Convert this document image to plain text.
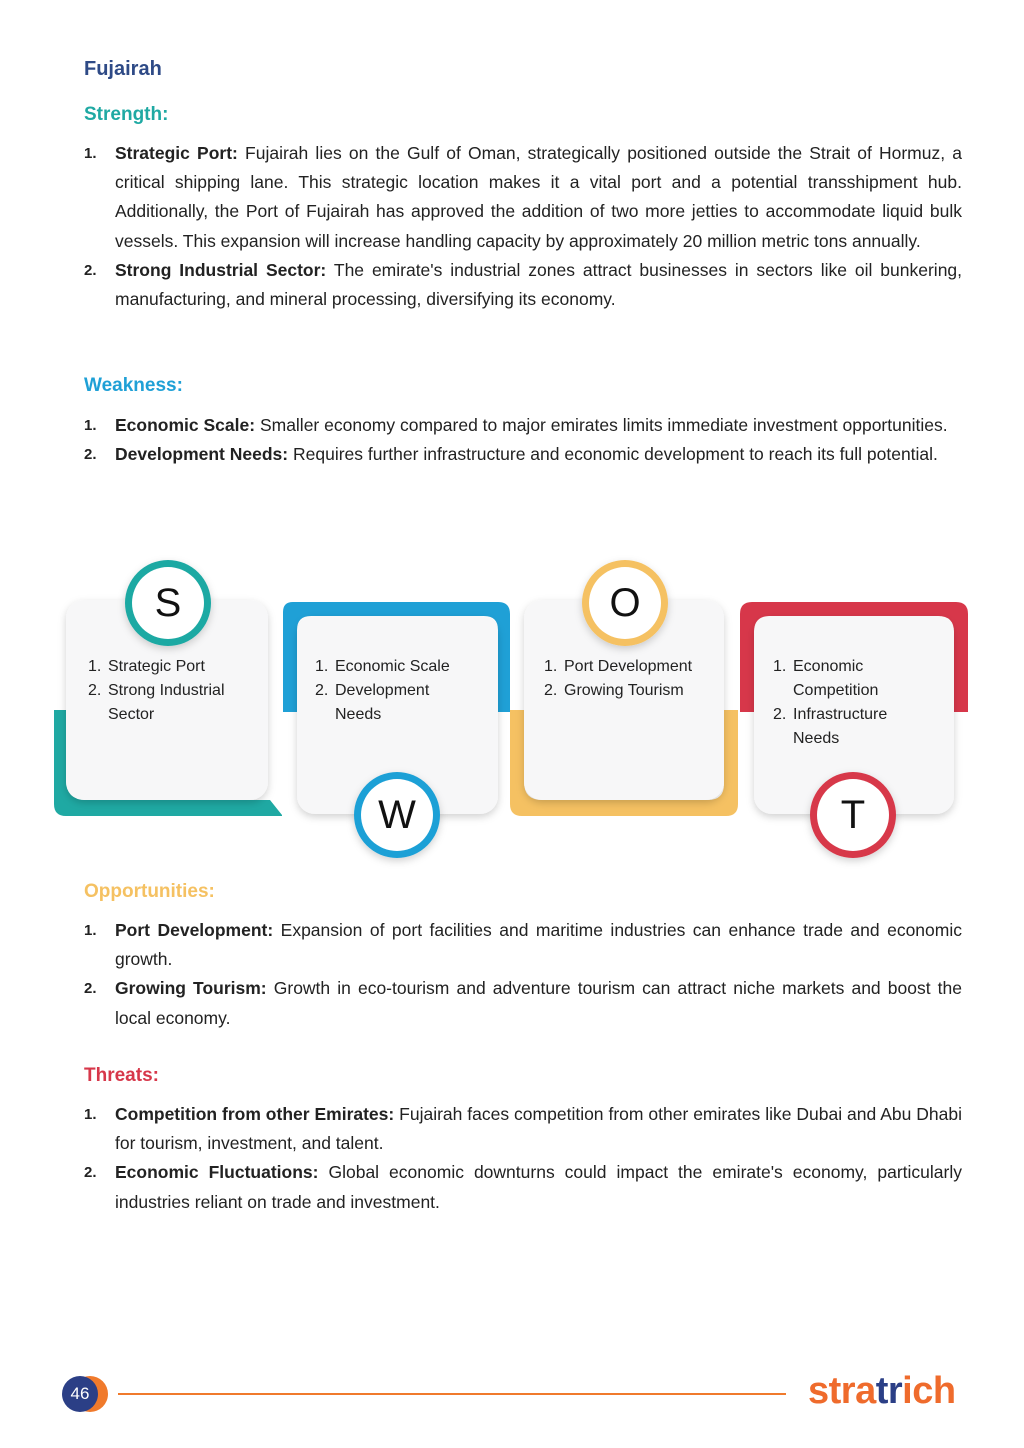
Fujairah
Strength:
1. Strategic Port: Fujairah lies on the Gulf of Oman, strategically positioned outside the Strait of Hormuz, a critical shipping lane. This strategic location makes it a vital port and a potential transshipment hub. Additionally, the Port of Fujairah has approved the addition of two more jetties to accommodate liquid bulk vessels. This expansion will increase handling capacity by approximately 20 million metric tons annually.
2. Strong Industrial Sector: The emirate's industrial zones attract businesses in sectors like oil bunkering, manufacturing, and mineral processing, diversifying its economy.
Weakness:
1. Economic Scale: Smaller economy compared to major emirates limits immediate investment opportunities.
2. Development Needs: Requires further infrastructure and economic development to reach its full potential.
S
W
O
T
1. Strategic Port
2. Strong Industrial Sector
1. Economic Scale
2. Development Needs
1. Port Development
2. Growing Tourism
1. Economic Competition
2. Infrastructure Needs
Opportunities:
1. Port Development: Expansion of port facilities and maritime industries can enhance trade and economic growth.
2. Growing Tourism: Growth in eco-tourism and adventure tourism can attract niche markets and boost the local economy.
Threats:
1. Competition from other Emirates: Fujairah faces competition from other emirates like Dubai and Abu Dhabi for tourism, investment, and talent.
2. Economic Fluctuations: Global economic downturns could impact the emirate's economy, particularly industries reliant on trade and investment.
46	stratrich
